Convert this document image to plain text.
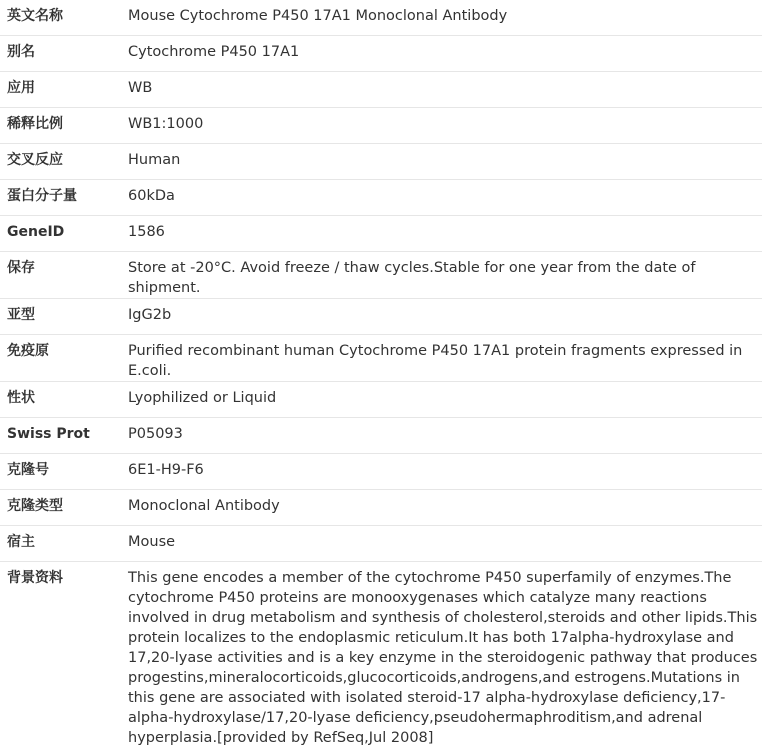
英文名称	Mouse Cytochrome P450 17A1 Monoclonal Antibody
别名	Cytochrome P450 17A1
应用	WB
稀释比例	WB1:1000
交叉反应	Human
蛋白分子量	60kDa
GeneID	1586
保存	Store at -20°C. Avoid freeze / thaw cycles.Stable for one year from the date of shipment.
亚型	IgG2b
免疫原	Purified recombinant human Cytochrome P450 17A1 protein fragments expressed in E.coli.
性状	Lyophilized or Liquid
Swiss Prot	P05093
克隆号	6E1-H9-F6
克隆类型	Monoclonal Antibody
宿主	Mouse
背景资料	This gene encodes a member of the cytochrome P450 superfamily of enzymes.The cytochrome P450 proteins are monooxygenases which catalyze many reactions involved in drug metabolism and synthesis of cholesterol,steroids and other lipids.This protein localizes to the endoplasmic reticulum.It has both 17alpha-hydroxylase and 17,20-lyase activities and is a key enzyme in the steroidogenic pathway that produces progestins,mineralocorticoids,glucocorticoids,androgens,and estrogens.Mutations in this gene are associated with isolated steroid-17 alpha-hydroxylase deficiency,17-alpha-hydroxylase/17,20-lyase deficiency,pseudohermaphroditism,and adrenal hyperplasia.[provided by RefSeq,Jul 2008]
